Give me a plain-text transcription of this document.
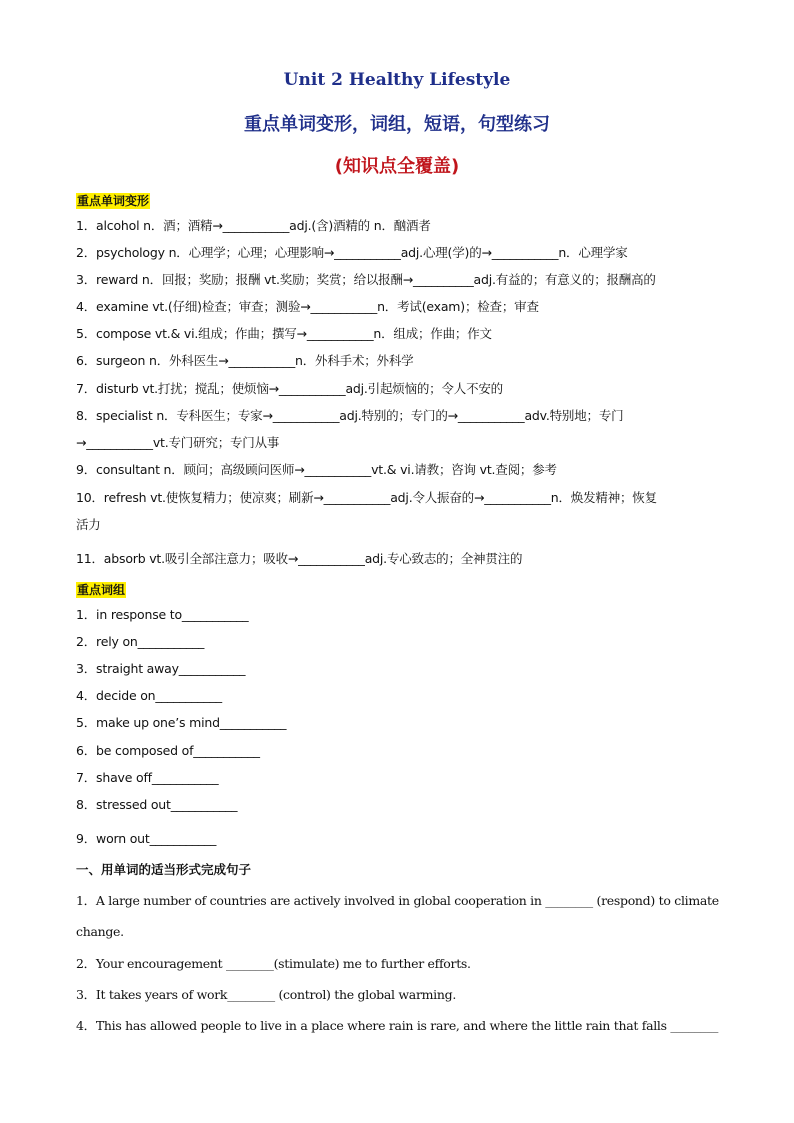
Unit 2 Healthy Lifestyle
重点单词变形，词组，短语，句型练习
(知识点全覆盖)
重点单词变形
1．alcohol n．酒；酒精→___________adj.(含)酒精的 n．酗酒者
2．psychology n．心理学；心理；心理影响→___________adj.心理(学)的→___________n．心理学家
3．reward n．回报；奖励；报酬 vt.奖励；奖赏；给以报酬→__________adj.有益的；有意义的；报酬高的
4．examine vt.(仔细)检查；审查；测验→___________n．考试(exam)；检查；审查
5．compose vt.& vi.组成；作曲；撰写→___________n．组成；作曲；作文
6．surgeon n．外科医生→___________n．外科手术；外科学
7．disturb vt.打扰；搅乱；使烦恼→___________adj.引起烦恼的；令人不安的
8．specialist n．专科医生；专家→___________adj.特别的；专门的→___________adv.特别地；专门
→___________vt.专门研究；专门从事
9．consultant n．顾问；高级顾问医师→___________vt.& vi.请教；咨询 vt.查阅；参考
10．refresh vt.使恢复精力；使凉爽；刷新→___________adj.令人振奋的→___________n．焕发精神；恢复
活力
11．absorb vt.吸引全部注意力；吸收→___________adj.专心致志的；全神贯注的
重点词组
1．in response to___________
2．rely on___________
3．straight away___________
4．decide on___________
5．make up one’s mind___________
6．be composed of___________
7．shave off___________
8．stressed out___________
9．worn out___________
一、用单词的适当形式完成句子
1．A large number of countries are actively involved in global cooperation in ________ (respond) to climate
change.
2．Your encouragement ________(stimulate) me to further efforts.
3．It takes years of work________ (control) the global warming.
4．This has allowed people to live in a place where rain is rare, and where the little rain that falls ________
